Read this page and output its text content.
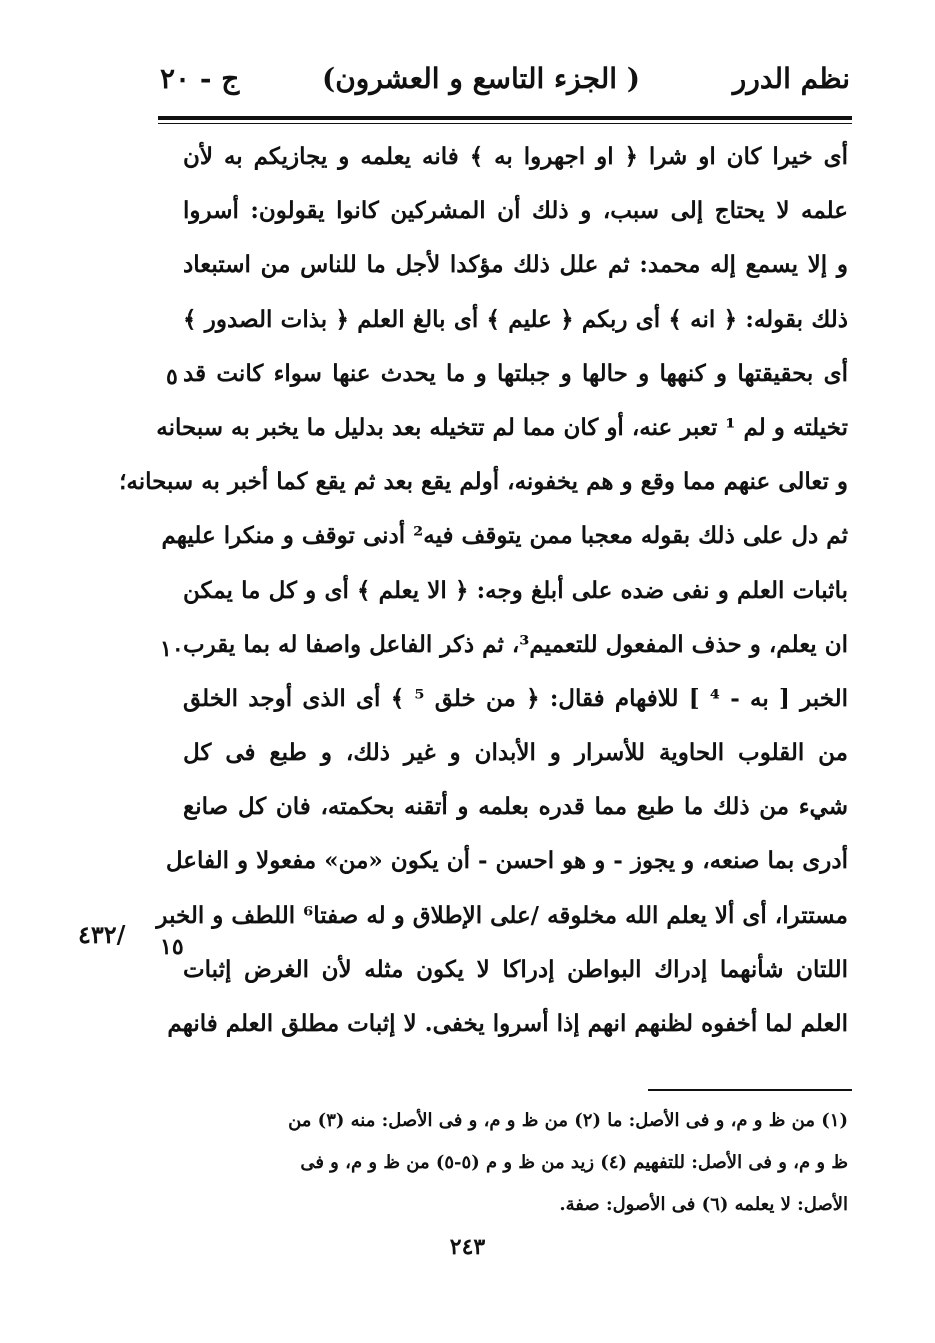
نظم الدرر
( الجزء التاسع و العشرون)
ج - ٢٠
أى خيرا كان او شرا ﴿ او اجهروا به ﴾ فانه يعلمه و يجازيكم به لأن
علمه لا يحتاج إلى سبب، و ذلك أن المشركين كانوا يقولون: أسروا
و إلا يسمع إله محمد: ثم علل ذلك مؤكدا لأجل ما للناس من استبعاد
ذلك بقوله: ﴿ انه ﴾ أى ربكم ﴿ عليم ﴾ أى بالغ العلم ﴿ بذات الصدور ﴾
أى بحقيقتها و كنهها و حالها و جبلتها و ما يحدث عنها سواء كانت قد
تخيلته و لم ¹ تعبر عنه، أو كان مما لم تتخيله بعد بدليل ما يخبر به سبحانه
و تعالى عنهم مما وقع و هم يخفونه، أولم يقع بعد ثم يقع كما أخبر به سبحانه؛
ثم دل على ذلك بقوله معجبا ممن يتوقف فيه² أدنى توقف و منكرا عليهم
باثبات العلم و نفى ضده على أبلغ وجه: ﴿ الا يعلم ﴾ أى و كل ما يمكن
ان يعلم، و حذف المفعول للتعميم³، ثم ذكر الفاعل واصفا له بما يقرب
الخبر [ به - ⁴ ] للافهام فقال: ﴿ من خلق ⁵ ﴾ أى الذى أوجد الخلق
من القلوب الحاوية للأسرار و الأبدان و غير ذلك، و طبع فى كل
شيء من ذلك ما طبع مما قدره بعلمه و أتقنه بحكمته، فان كل صانع
أدرى بما صنعه، و يجوز - و هو احسن - أن يكون «من» مفعولا و الفاعل
مستترا، أى ألا يعلم الله مخلوقه /على الإطلاق و له صفتا⁶ اللطف و الخبر
اللتان شأنهما إدراك البواطن إدراكا لا يكون مثله لأن الغرض إثبات
العلم لما أخفوه لظنهم انهم إذا أسروا يخفى. لا إثبات مطلق العلم فانهم
٥
١٠
١٥
/٤٣٢
(١) من ظ و م، و فى الأصل: ما (٢) من ظ و م، و فى الأصل: منه (٣) من
ظ و م، و فى الأصل: للتفهيم (٤) زيد من ظ و م (٥-٥) من ظ و م، و فى
الأصل: لا يعلمه (٦) فى الأصول: صفة.
٢٤٣
